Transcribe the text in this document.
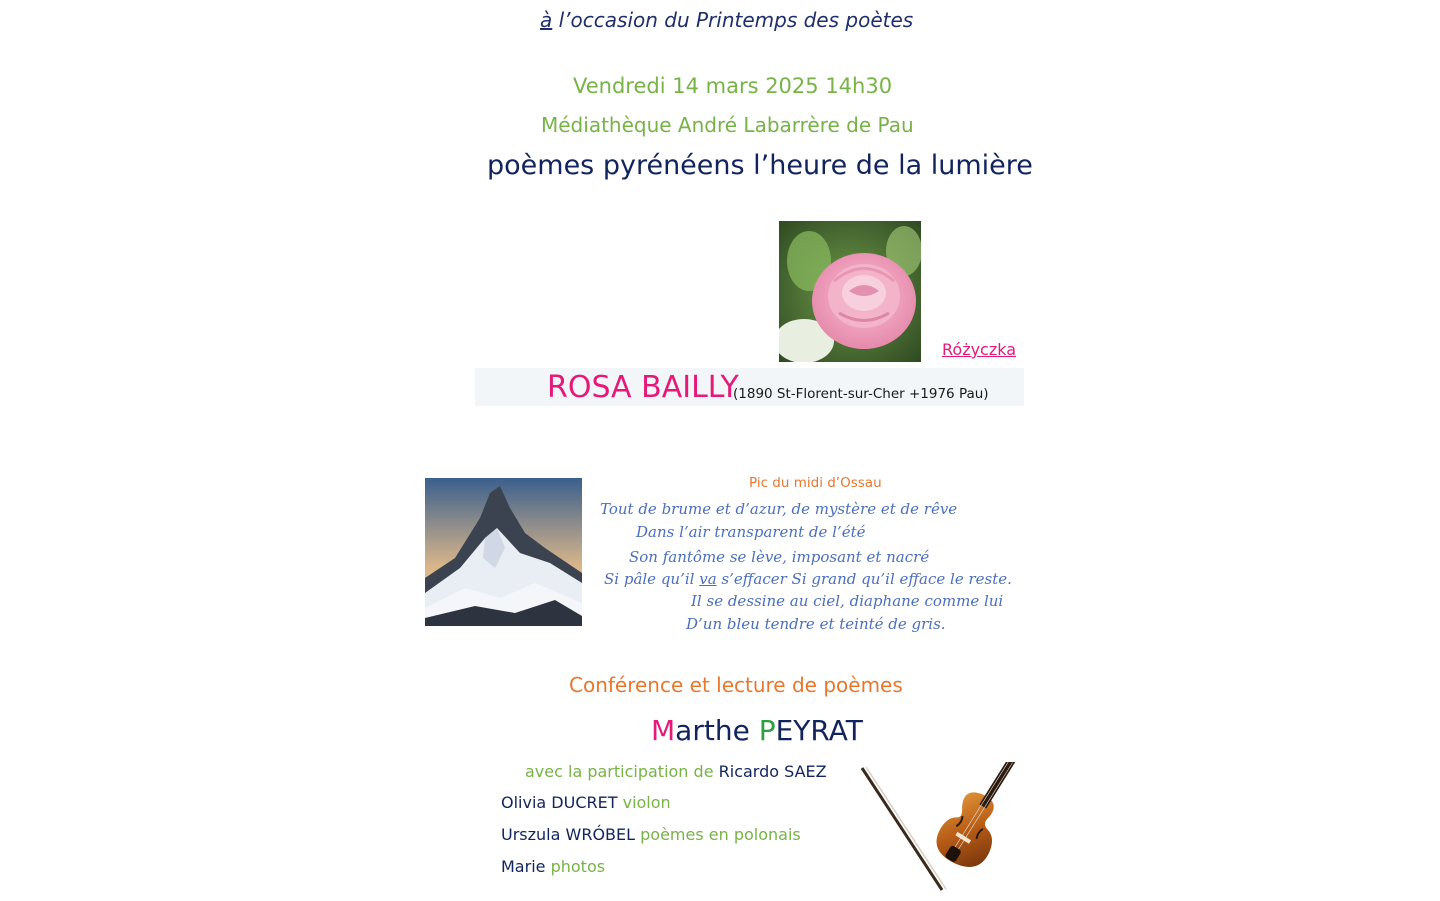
à l’occasion du Printemps des poètes
Vendredi 14 mars 2025 14h30
Médiathèque André Labarrère de Pau
poèmes pyrénéens l’heure de la lumière
Różyczka
ROSA BAILLY
(1890 St-Florent-sur-Cher +1976 Pau)
Pic du midi d’Ossau
Tout de brume et d’azur, de mystère et de rêve
Dans l’air transparent de l’été
Son fantôme se lève, imposant et nacré
Si pâle qu’il va s’effacer Si grand qu’il efface le reste.
Il se dessine au ciel, diaphane comme lui
D’un bleu tendre et teinté de gris.
Conférence et lecture de poèmes
Marthe PEYRAT
avec la participation de Ricardo SAEZ
Olivia DUCRET violon
Urszula WRÓBEL poèmes en polonais
Marie photos
